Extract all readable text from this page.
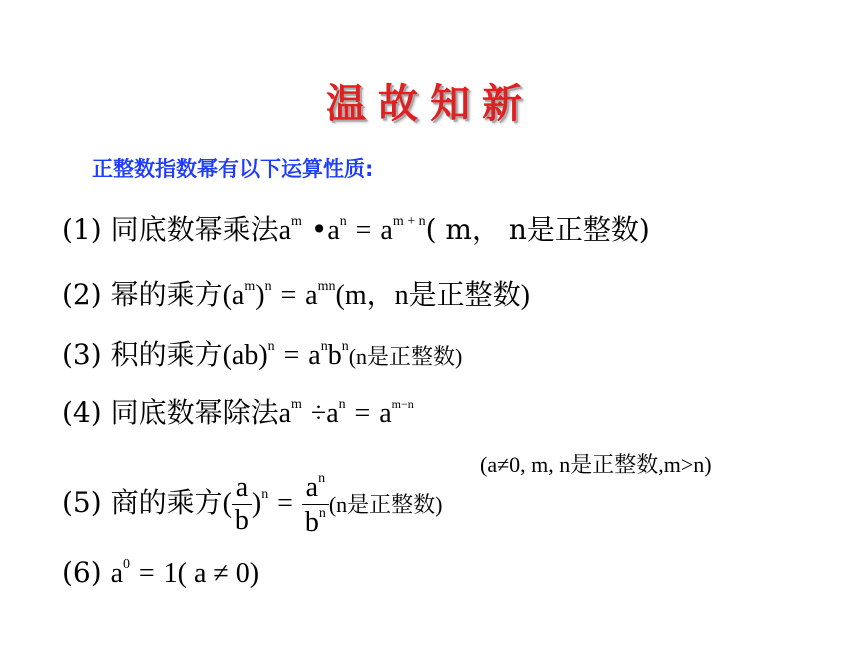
温故知新
正整数指数幂有以下运算性质:
(1) 同底数幂乘法$a^m$ $•a^n = a^{m + n}$( m， n是正整数)
(2) 幂的乘方$(a^m)^n = a^{mn}(m$，n是正整数)
(3) 积的乘方$(ab)^n = a^nb^n(n$是正整数)
(4) 同底数幂除法$a^m \div a^n = a^{m-n}$
(a≠0, m, n是正整数,m>n)
(5) 商的乘方( $\frac{a}{b} )^n = \frac{a^n}{b^n} (n$是正整数)
(6) $a^0 = 1$( a ≠ 0)
